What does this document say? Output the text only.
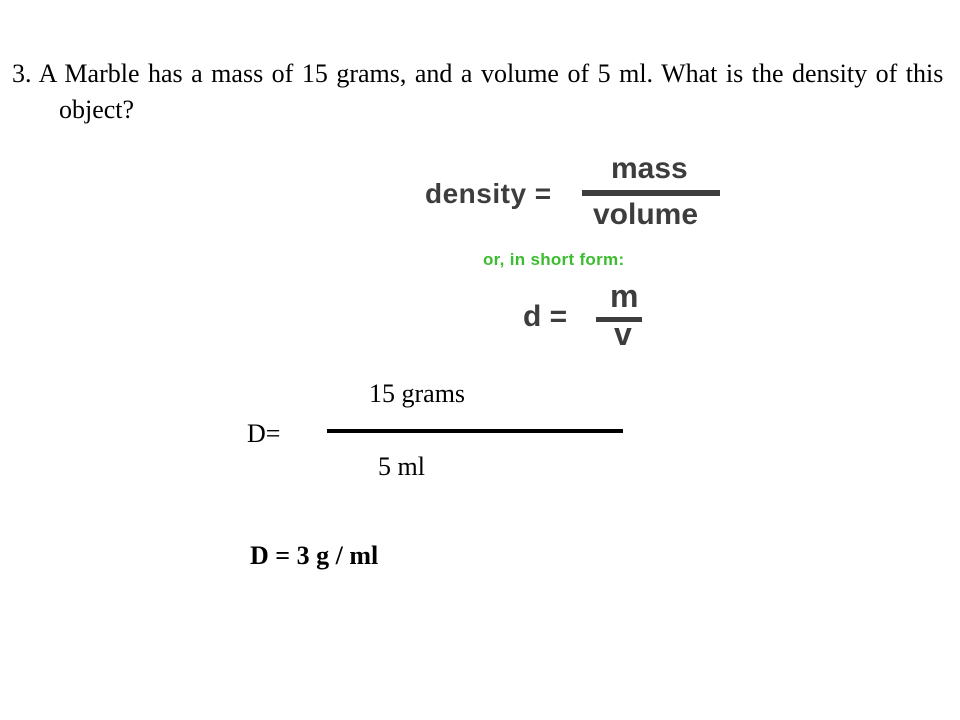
3. A Marble has a mass of 15 grams, and a volume of 5 ml. What is the density of this object?
density =
mass
volume
or, in short form:
d =
m
v
15 grams
D=
5 ml
D = 3 g / ml
